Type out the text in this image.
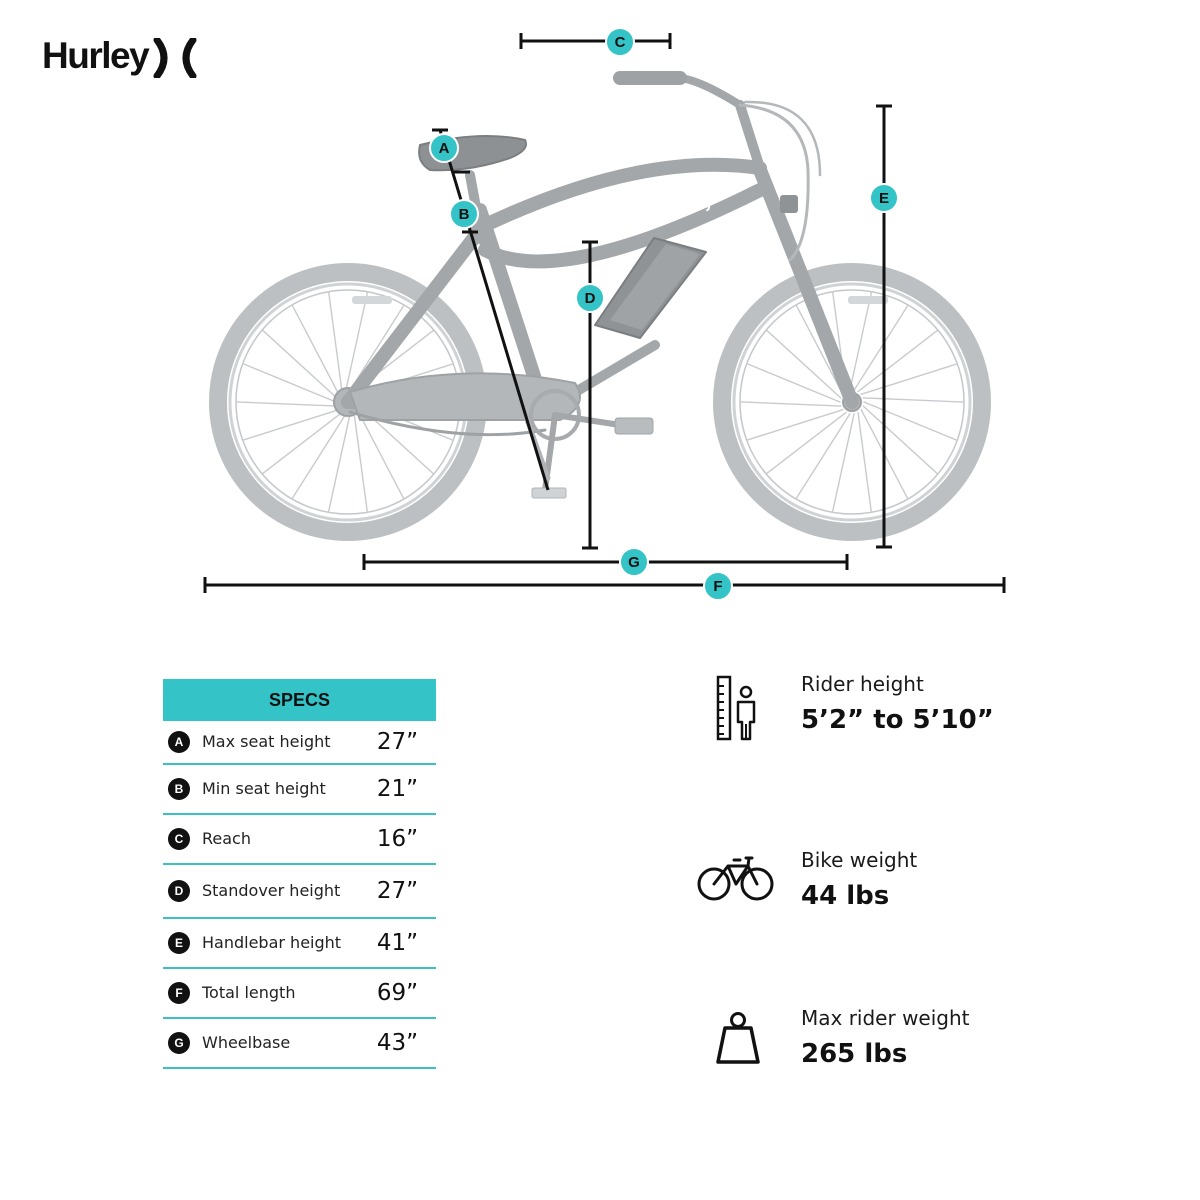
Hurley
Hurley
C
A
B
D
E
G
F
SPECS
A	Max seat height 27”
B	Min seat height 21”
C	Reach	16”
D	Standover height 27”
E	Handlebar height 41”
F	Total length	69”
G	Wheelbase	43”
Rider height
5’2” to 5’10”
Bike weight
44 lbs
Max rider weight
265 lbs
